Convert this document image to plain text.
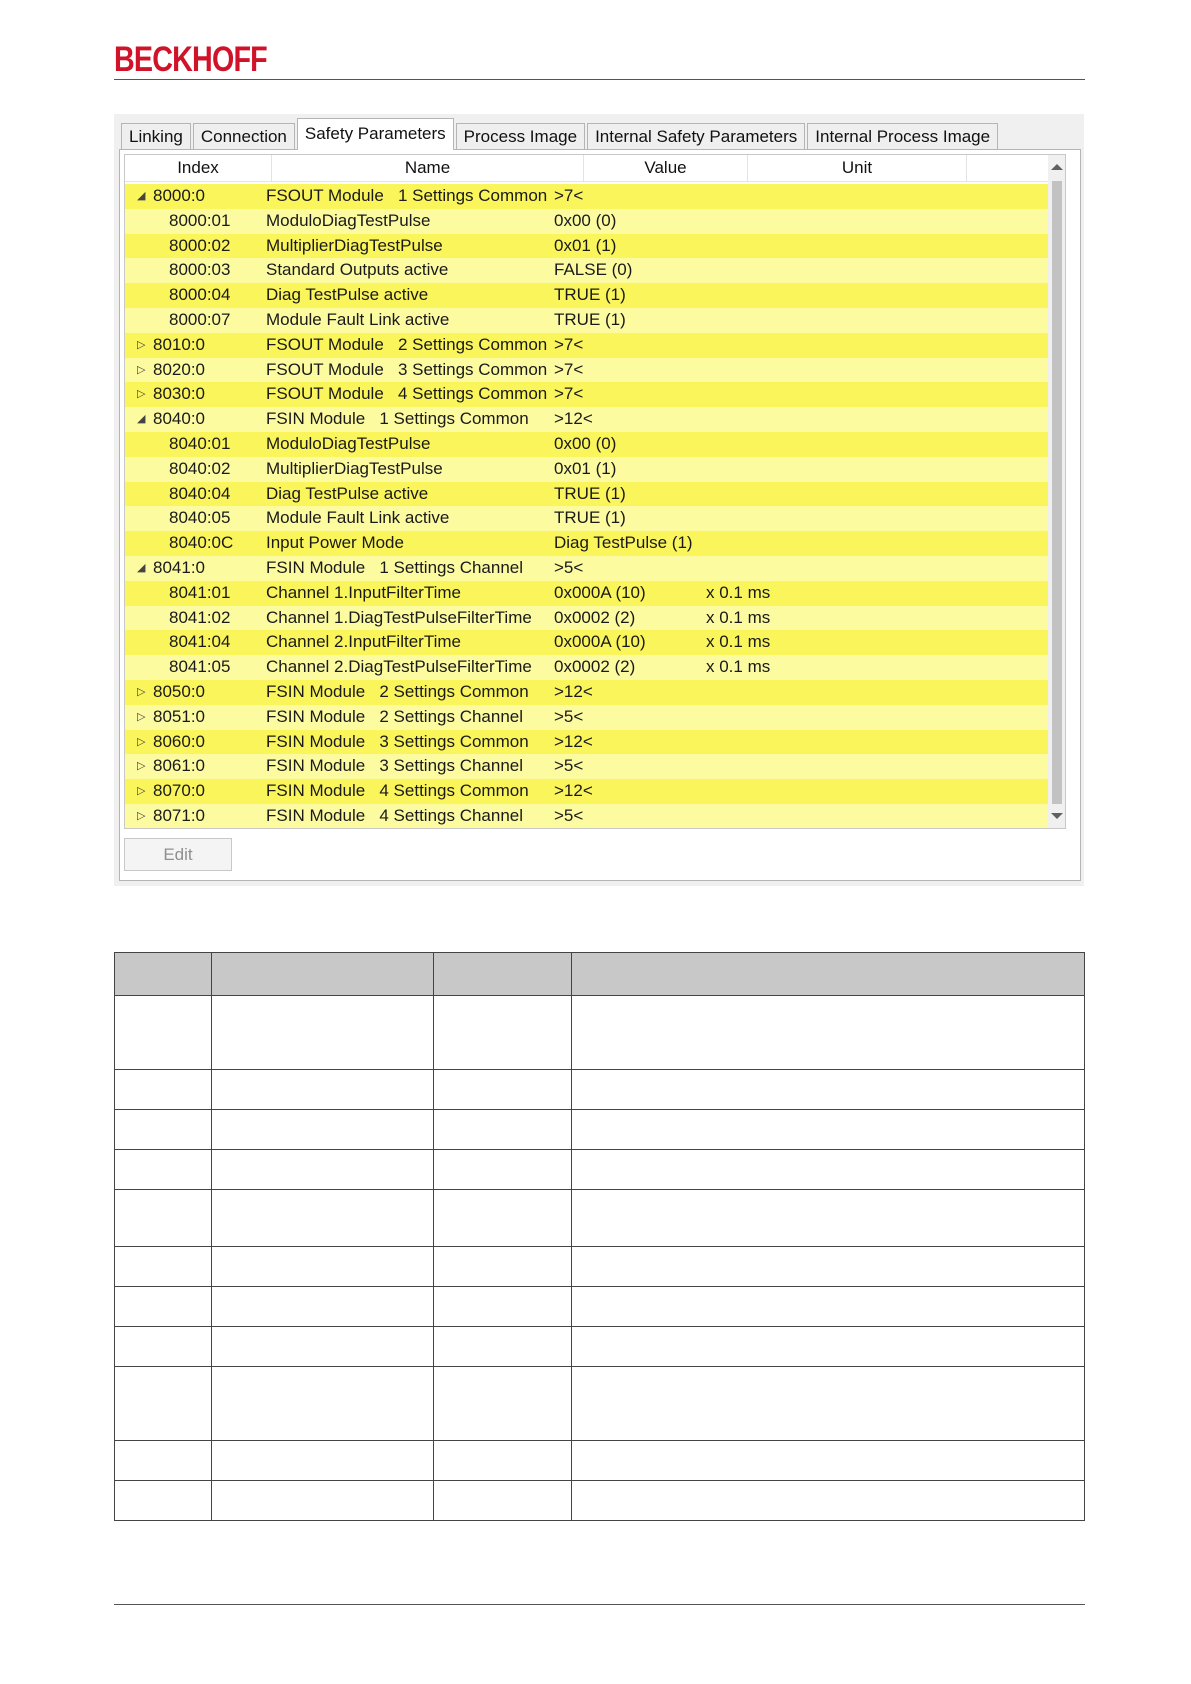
BECKHOFF
Linking	Connection	Safety Parameters	Process Image	Internal Safety Parameters	Internal Process Image
Index	Name	Value	Unit
◢ 8000:0	FSOUT Module   1 Settings Common >7<
8000:01 ModuloDiagTestPulse	0x00 (0)
8000:02 MultiplierDiagTestPulse	0x01 (1)
8000:03 Standard Outputs active	FALSE (0)
8000:04 Diag TestPulse active	TRUE (1)
8000:07 Module Fault Link active	TRUE (1)
▷ 8010:0	FSOUT Module   2 Settings Common >7<
▷ 8020:0	FSOUT Module   3 Settings Common >7<
▷ 8030:0	FSOUT Module   4 Settings Common >7<
◢ 8040:0	FSIN Module   1 Settings Common >12<
8040:01 ModuloDiagTestPulse	0x00 (0)
8040:02 MultiplierDiagTestPulse	0x01 (1)
8040:04 Diag TestPulse active	TRUE (1)
8040:05 Module Fault Link active	TRUE (1)
8040:0C Input Power Mode	Diag TestPulse (1)
◢ 8041:0	FSIN Module   1 Settings Channel >5<
8041:01 Channel 1.InputFilterTime	0x000A (10)	x 0.1 ms
8041:02 Channel 1.DiagTestPulseFilterTime 0x0002 (2)	x 0.1 ms
8041:04 Channel 2.InputFilterTime	0x000A (10)	x 0.1 ms
8041:05 Channel 2.DiagTestPulseFilterTime 0x0002 (2)	x 0.1 ms
▷ 8050:0	FSIN Module   2 Settings Common >12<
▷ 8051:0	FSIN Module   2 Settings Channel >5<
▷ 8060:0	FSIN Module   3 Settings Common >12<
▷ 8061:0	FSIN Module   3 Settings Channel >5<
▷ 8070:0	FSIN Module   4 Settings Common >12<
▷ 8071:0	FSIN Module   4 Settings Channel >5<
Edit
